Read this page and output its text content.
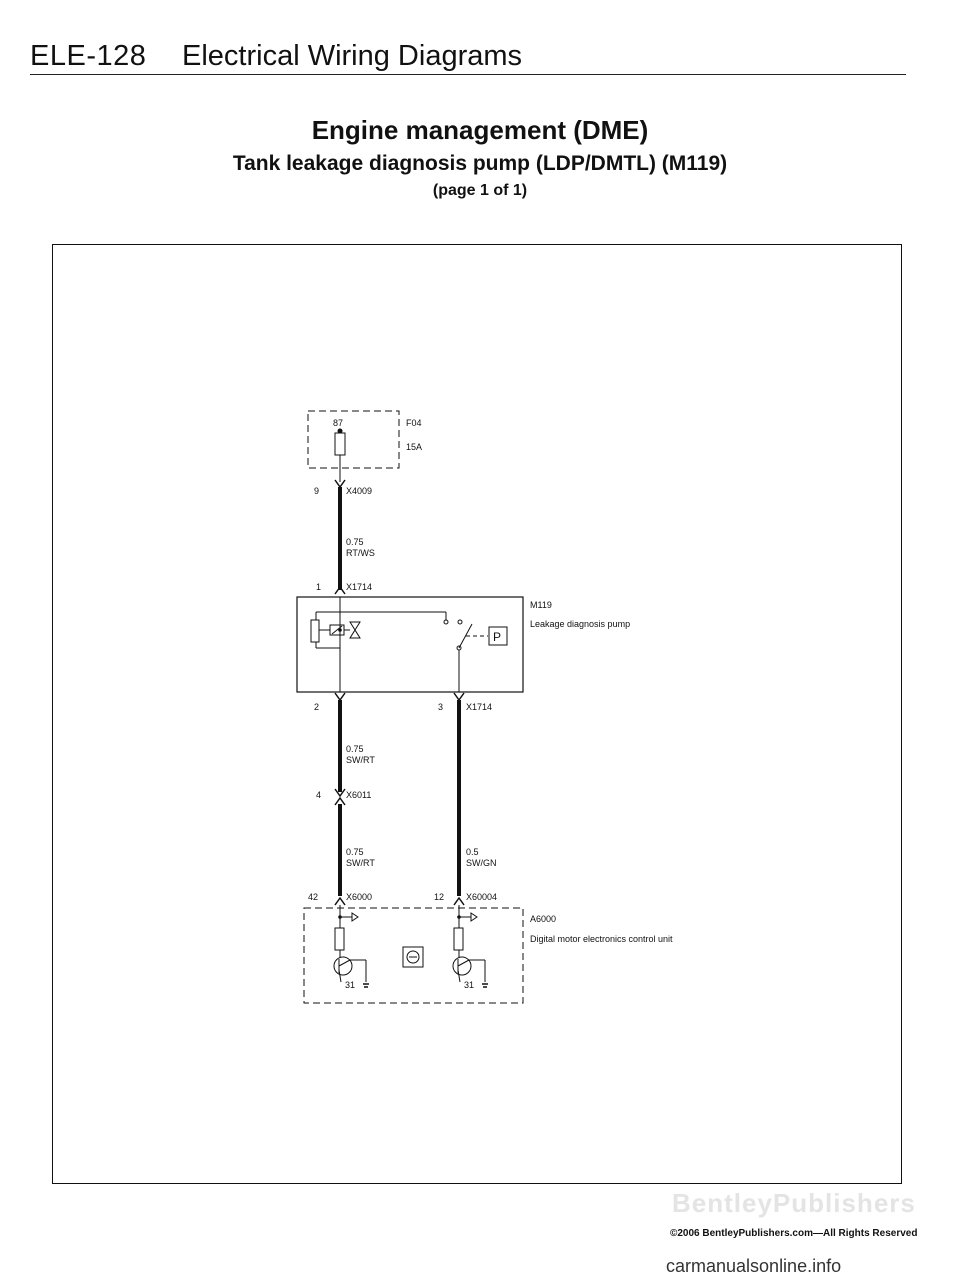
ELE-128 Electrical Wiring Diagrams
Engine management (DME)
Tank leakage diagnosis pump (LDP/DMTL) (M119)
(page 1 of 1)
87	F04
15A
9	X4009
0.75
RT/WS
1	X1714
P
M119
Leakage diagnosis pump
2	3	X1714
0.75
SW/RT
4	X6011
0.75
SW/RT
0.5
SW/GN
42	X6000	12 X60004
A6000
Digital motor electronics control unit
31	31
BentleyPublishers
©2006 BentleyPublishers.com—All Rights Reserved
carmanualsonline.info
